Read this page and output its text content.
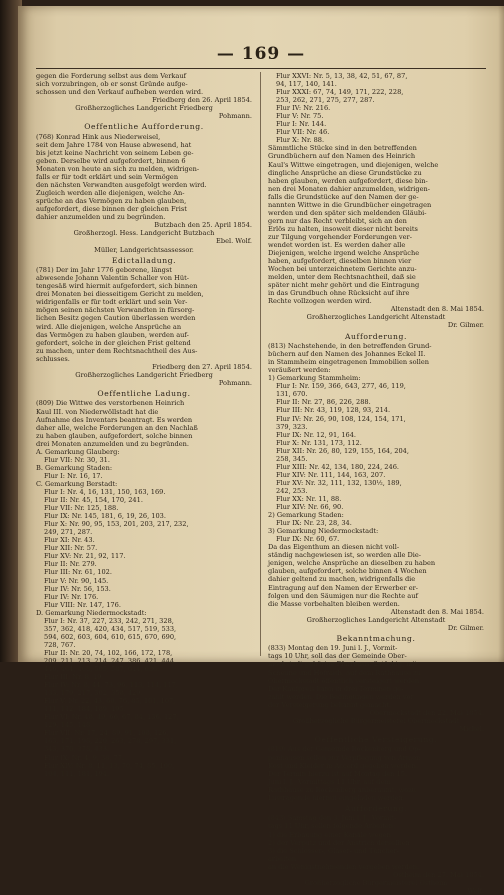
— 169 —

gegen die Forderung selbst aus dem Verkauf

sich vorzubringen, ob er sonst Gründe aufge-

schossen und den Verkauf aufheben werden wird.

Friedberg den 26. April 1854.

Großherzogliches Landgericht Friedberg

Pohmann.

Oeffentliche Aufforderung.

(768) Konrad Hink aus Niederweisel,

seit dem Jahre 1784 von Hause abwesend, hat

bis jetzt keine Nachricht von seinem Leben ge-

geben. Derselbe wird aufgefordert, binnen 6

Monaten von heute an sich zu melden, widrigen-

falls er für todt erklärt und sein Vermögen

den nächsten Verwandten ausgefolgt werden wird.

Zugleich werden alle diejenigen, welche An-

sprüche an das Vermögen zu haben glauben,

aufgefordert, diese binnen der gleichen Frist

dahier anzumelden und zu begründen.

Butzbach den 25. April 1854.

Großherzogl. Hess. Landgericht Butzbach

Ebel. Wolf.

Müller, Landgerichtsassessor.

Edictalladung.

(781) Der im Jahr 1776 geborene, längst

abwesende Johann Valentin Schaller von Hüt-

tengesäß wird hiermit aufgefordert, sich binnen

drei Monaten bei diesseitigem Gericht zu melden,

widrigenfalls er für todt erklärt und sein Ver-

mögen seinen nächsten Verwandten in fürsorg-

lichen Besitz gegen Caution überlassen werden

wird. Alle diejenigen, welche Ansprüche an

das Vermögen zu haben glauben, werden auf-

gefordert, solche in der gleichen Frist geltend

zu machen, unter dem Rechtsnachtheil des Aus-

schlusses.

Friedberg den 27. April 1854.

Großherzogliches Landgericht Friedberg

Pohmann.

Oeffentliche Ladung.

(809) Die Wittwe des verstorbenen Heinrich

Kaul III. von Niederwöllstadt hat die

Aufnahme des Inventars beantragt. Es werden

daher alle, welche Forderungen an den Nachlaß

zu haben glauben, aufgefordert, solche binnen

drei Monaten anzumelden und zu begründen.

A. Gemarkung Glauberg:

Flur VII: Nr. 30, 31.

B. Gemarkung Staden:

Flur I: Nr. 16, 17.

C. Gemarkung Berstadt:

Flur I: Nr. 4, 16, 131, 150, 163, 169.

Flur II: Nr. 45, 154, 170, 241.

Flur VII: Nr. 125, 188.

Flur IX: Nr. 145, 181, 6, 19, 26, 103.

Flur X: Nr. 90, 95, 153, 201, 203, 217, 232,

249, 271, 287.

Flur XI: Nr. 43.

Flur XII: Nr. 57.

Flur XV: Nr. 21, 92, 117.

Flur II: Nr. 279.

Flur III: Nr. 61, 102.

Flur V: Nr. 90, 145.

Flur IV: Nr. 56, 153.

Flur IV: Nr. 176.

Flur VIII: Nr. 147, 176.

D. Gemarkung Niedermockstadt:

Flur I: Nr. 37, 227, 233, 242, 271, 328,

357, 362, 418, 420, 434, 517, 519, 533,

594, 602, 603, 604, 610, 615, 670, 690,

728, 767.

Flur II: Nr. 20, 74, 102, 166, 172, 178,

209, 211, 213, 214, 247, 386, 421, 444,

446, 464, 468, 505, 587, 614, 636.

Flur III: Nr. 8, 19.

Flur IV: Nr. 8, 44, 73, 96, 113, 114, 117,

133, 179, 217, 302, 358, 429.

Flur V: Nr. 22, 43, 60, 76, 85, 101, 107,

111, 112, 184, 189, 195.

Flur VI: Nr. 48, 49, 66, 67, 84, 136, 127,

129, 145, 148.

Flur VII: Nr. 17, 24, 89, 91, 108, 126,

163, 171, 198, 220, 263, 278, 297, 331,

343, 370, 378, 433.

Flur IX: Nr. 4, 9, 38, 77.

Flur XIV: Nr. 8, 11, 13, 70, 74, 85, 100,

104, 111, 181, 194.

Flur XXVI: Nr. 5, 13, 38, 42, 51, 67, 87,

94, 117, 140, 141.

Flur XXXI: 67, 74, 149, 171, 222, 228,

253, 262, 271, 275, 277, 287.

Flur IV: Nr. 216.

Flur V: Nr. 75.

Flur I: Nr. 144.

Flur VII: Nr. 46.

Flur X: Nr. 88.

Sämmtliche Stücke sind in den betreffenden

Grundbüchern auf den Namen des Heinrich

Kaul's Wittwe eingetragen, und diejenigen, welche

dingliche Ansprüche an diese Grundstücke zu

haben glauben, werden aufgefordert, diese bin-

nen drei Monaten dahier anzumelden, widrigen-

falls die Grundstücke auf den Namen der ge-

nannten Wittwe in die Grundbücher eingetragen

werden und den später sich meldenden Gläubi-

gern nur das Recht verbleibt, sich an den

Erlös zu halten, insoweit dieser nicht bereits

zur Tilgung vorgehender Forderungen ver-

wendet worden ist. Es werden daher alle

Diejenigen, welche irgend welche Ansprüche

haben, aufgefordert, dieselben binnen vier

Wochen bei unterzeichnetem Gerichte anzu-

melden, unter dem Rechtsnachtheil, daß sie

später nicht mehr gehört und die Eintragung

in das Grundbuch ohne Rücksicht auf ihre

Rechte vollzogen werden wird.

Altenstadt den 8. Mai 1854.

Großherzogliches Landgericht Altenstadt

Dr. Gilmer.

Aufforderung.

(813) Nachstehende, in den betreffenden Grund-

büchern auf den Namen des Johannes Eckel II.

in Stammheim eingetragenen Immobilien sollen

veräußert werden:

1) Gemarkung Stammheim:

Flur I: Nr. 159, 366, 643, 277, 46, 119,

131, 670.

Flur II: Nr. 27, 86, 226, 288.

Flur III: Nr. 43, 119, 128, 93, 214.

Flur IV: Nr. 26, 90, 108, 124, 154, 171,

379, 323.

Flur IX: Nr. 12, 91, 164.

Flur X: Nr. 131, 173, 112.

Flur XII: Nr. 26, 80, 129, 155, 164, 204,

258, 345.

Flur XIII: Nr. 42, 134, 180, 224, 246.

Flur XIV: Nr. 111, 144, 163, 207.

Flur XV: Nr. 32, 111, 132, 130½, 189,

242, 253.

Flur XX: Nr. 11, 88.

Flur XIV: Nr. 66, 90.

2) Gemarkung Staden:

Flur IX: Nr. 23, 28, 34.

3) Gemarkung Niedermockstadt:

Flur IX: Nr. 60, 67.

Da das Eigenthum an diesen nicht voll-

ständig nachgewiesen ist, so werden alle Die-

jenigen, welche Ansprüche an dieselben zu haben

glauben, aufgefordert, solche binnen 4 Wochen

dahier geltend zu machen, widrigenfalls die

Eintragung auf den Namen der Erwerber er-

folgen und den Säumigen nur die Rechte auf

die Masse vorbehalten bleiben werden.

Altenstadt den 8. Mai 1854.

Großherzogliches Landgericht Altenstadt

Dr. Gilmer.

Bekanntmachung.

(833) Montag den 19. Juni l. J., Vormit-

tags 10 Uhr, soll das der Gemeinde Ober-

mockstadt gehörige Pfarrhaus, 2stöckig, mit

Scheune und Hofraith, auf dem Rathhause zu

Obermockstadt öffentlich versteigert werden.

Der Kaufpreis kann in drei Terminen ge-

zahlt werden. Die Bedingungen werden vor

der Versteigerung bekannt gemacht.

Obermockstadt den 22. Mai 1854.

Großherzogliche Bürgermeisterei Obermockstadt

Mickel.

Oeffentliche Versteigerung.

(819) Aus der Gemeinde Rockenberg und Op-

penhausen sollen zur Verpflegung von Armen

Kost und Kleider in Accord gegeben werden.

Der Termin hierzu ist auf Montag den 15.

Juni l. J., Vormittags 11 Uhr, auf dem

Rathhause zu Rockenberg anberaumt, wozu

Lustragende hiermit eingeladen werden.

Aufforderung.

(843) Samstag den 3. Juni l. J., Vormit-

tags 11 Uhr, sollen folgende Arbeiten:

1) die Erbauung einer Kanäle wegen

2) der Verputz und der Anstrich derselben

3) die Schlosser-, Glaser- und Tüncher-

arbeiten

an die Wenigstnehmenden vergeben werden.

Ostheim den 27. Mai 1854.

Großherzogliche Bürgermeisterei Ostheim

Wolf.
